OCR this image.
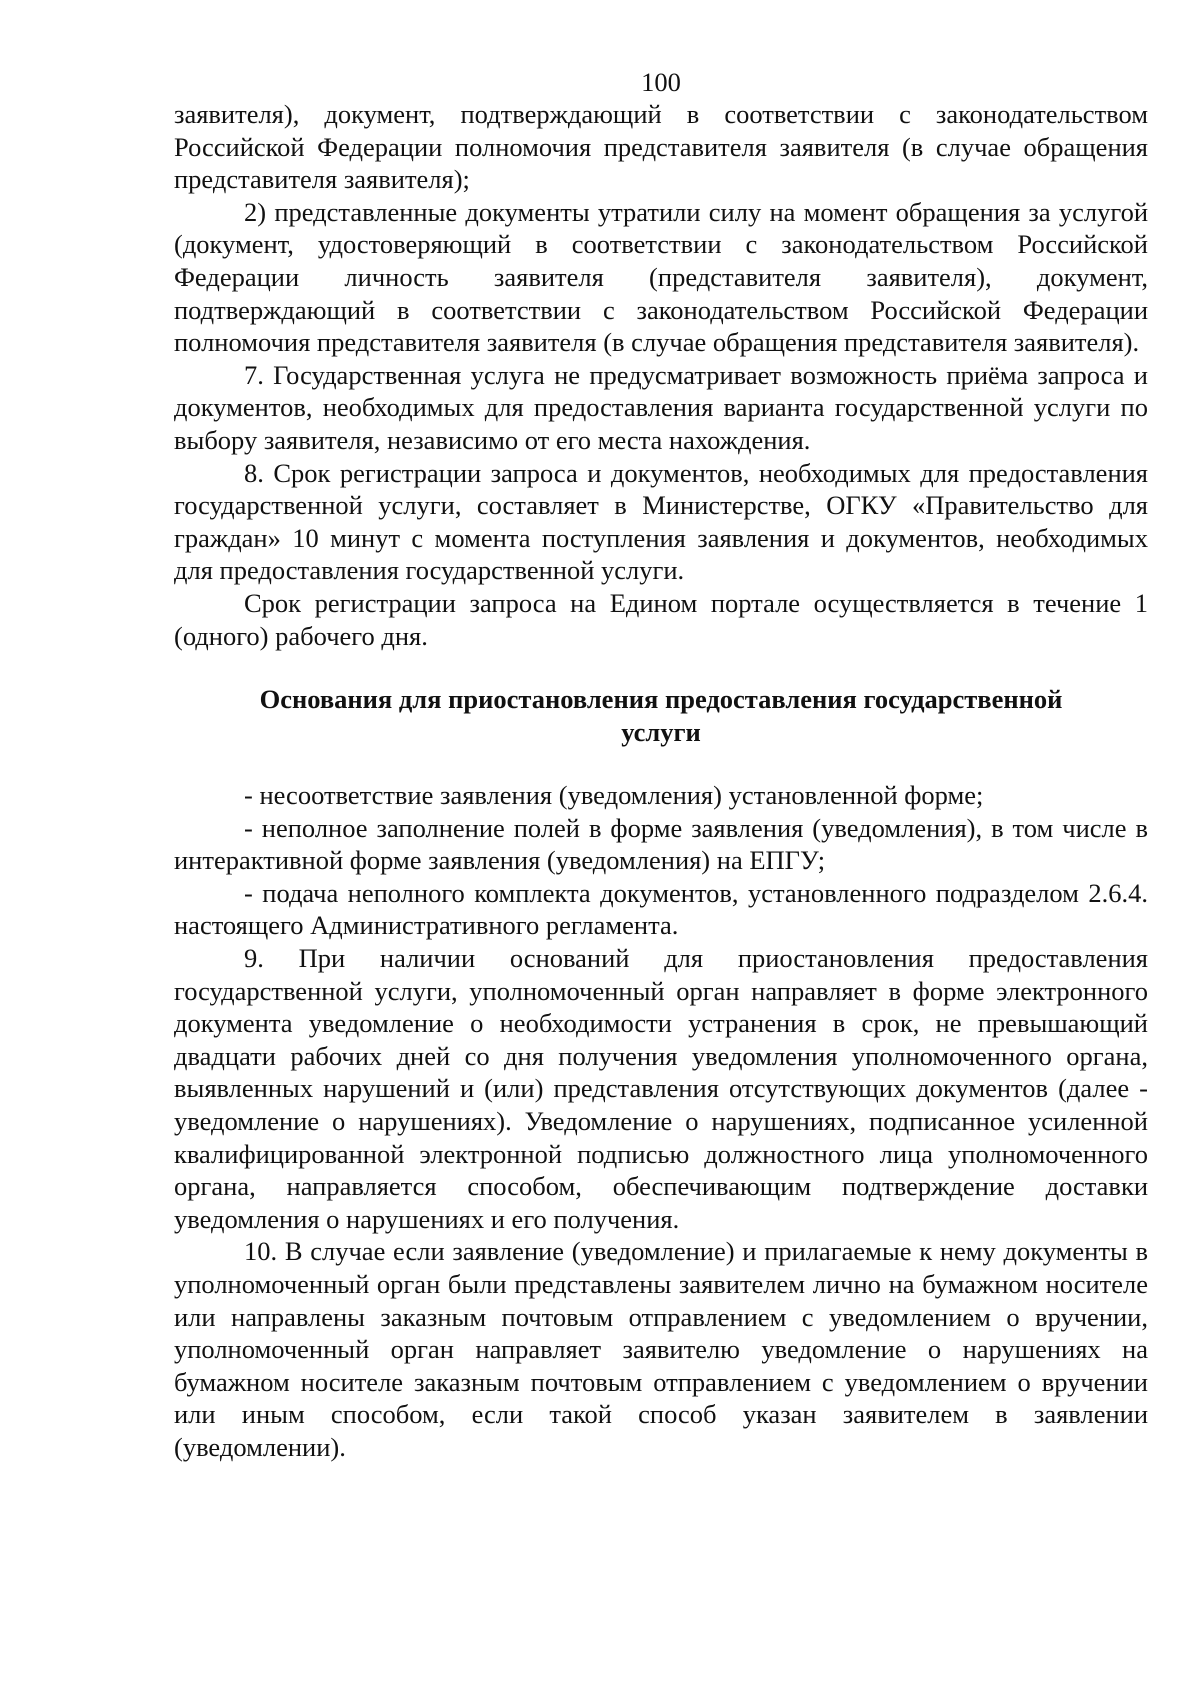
100

заявителя), документ, подтверждающий в соответствии с законодательством Российской Федерации полномочия представителя заявителя (в случае обращения представителя заявителя);

2) представленные документы утратили силу на момент обращения за услугой (документ, удостоверяющий в соответствии с законодательством Российской Федерации личность заявителя (представителя заявителя), документ, подтверждающий в соответствии с законодательством Российской Федерации полномочия представителя заявителя (в случае обращения представителя заявителя).

7. Государственная услуга не предусматривает возможность приёма запроса и документов, необходимых для предоставления варианта государственной услуги по выбору заявителя, независимо от его места нахождения.

8. Срок регистрации запроса и документов, необходимых для предоставления государственной услуги, составляет в Министерстве, ОГКУ «Правительство для граждан» 10 минут с момента поступления заявления и документов, необходимых для предоставления государственной услуги.

Срок регистрации запроса на Едином портале осуществляется в течение 1 (одного) рабочего дня.

Основания для приостановления предоставления государственной услуги

- несоответствие заявления (уведомления) установленной форме;

- неполное заполнение полей в форме заявления (уведомления), в том числе в интерактивной форме заявления (уведомления) на ЕПГУ;

- подача неполного комплекта документов, установленного подразделом 2.6.4. настоящего Административного регламента.

9. При наличии оснований для приостановления предоставления государственной услуги, уполномоченный орган направляет в форме электронного документа уведомление о необходимости устранения в срок, не превышающий двадцати рабочих дней со дня получения уведомления уполномоченного органа, выявленных нарушений и (или) представления отсутствующих документов (далее - уведомление о нарушениях). Уведомление о нарушениях, подписанное усиленной квалифицированной электронной подписью должностного лица уполномоченного органа, направляется способом, обеспечивающим подтверждение доставки уведомления о нарушениях и его получения.

10. В случае если заявление (уведомление) и прилагаемые к нему документы в уполномоченный орган были представлены заявителем лично на бумажном носителе или направлены заказным почтовым отправлением с уведомлением о вручении, уполномоченный орган направляет заявителю уведомление о нарушениях на бумажном носителе заказным почтовым отправлением с уведомлением о вручении или иным способом, если такой способ указан заявителем в заявлении (уведомлении).
